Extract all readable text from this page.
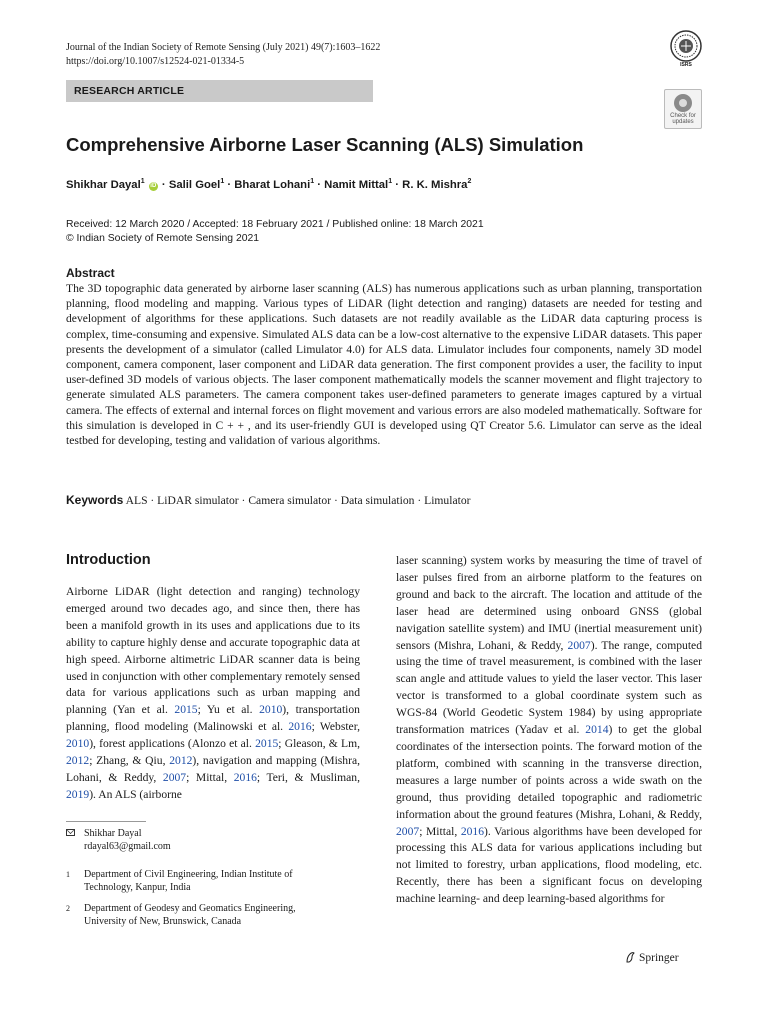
Journal of the Indian Society of Remote Sensing (July 2021) 49(7):1603–1622
https://doi.org/10.1007/s12524-021-01334-5	ISRS
RESEARCH ARTICLE
Check for
updates
Comprehensive Airborne Laser Scanning (ALS) Simulation
Shikhar Dayal$^1$ iD · Salil Goel$^1$ · Bharat Lohani$^1$ · Namit Mittal$^1$ · R. K. Mishra$^2$
Received: 12 March 2020 / Accepted: 18 February 2021 / Published online: 18 March 2021
© Indian Society of Remote Sensing 2021
Abstract

The 3D topographic data generated by airborne laser scanning (ALS) has numerous applications such as urban planning, transportation planning, flood modeling and mapping. Various types of LiDAR (light detection and ranging) datasets are needed for testing and development of algorithms for these applications. Such datasets are not readily available as the LiDAR data capturing process is complex, time-consuming and expensive. Simulated ALS data can be a low-cost alternative to the expensive LiDAR datasets. This paper presents the development of a simulator (called Limulator 4.0) for ALS data. Limulator includes four components, namely 3D model component, camera component, laser component and LiDAR data generation. The first component provides a user, the facility to input user-defined 3D models of various objects. The laser component mathematically models the scanner movement and flight trajectory to generate simulated ALS parameters. The camera component takes user-defined parameters to generate images captured by a virtual camera. The effects of external and internal forces on flight movement and various errors are also modeled mathematically. Software for this simulation is developed in C + + , and its user-friendly GUI is developed using QT Creator 5.6. Limulator can serve as the ideal testbed for developing, testing and validation of various algorithms.

Keywords ALS · LiDAR simulator · Camera simulator · Data simulation · Limulator
Introduction

Airborne LiDAR (light detection and ranging) technology emerged around two decades ago, and since then, there has been a manifold growth in its uses and applications due to its ability to capture highly dense and accurate topographic data at high speed. Airborne altimetric LiDAR scanner data is being used in conjunction with other complementary remotely sensed data for various applications such as urban mapping and planning (Yan et al. 2015; Yu et al. 2010), transportation planning, flood modeling (Malinowski et al. 2016; Webster, 2010), forest applications (Alonzo et al. 2015; Gleason, & Lm, 2012; Zhang, & Qiu, 2012), navigation and mapping (Mishra, Lohani, & Reddy, 2007; Mittal, 2016; Teri, & Musliman, 2019). An ALS (airborne

laser scanning) system works by measuring the time of travel of laser pulses fired from an airborne platform to the features on ground and back to the aircraft. The location and attitude of the laser head are determined using onboard GNSS (global navigation satellite system) and IMU (inertial measurement unit) sensors (Mishra, Lohani, & Reddy, 2007). The range, computed using the time of travel measurement, is combined with the laser scan angle and attitude values to yield the laser vector. This laser vector is transformed to a global coordinate system such as WGS-84 (World Geodetic System 1984) by using appropriate transformation matrices (Yadav et al. 2014) to get the global coordinates of the intersection points. The forward motion of the platform, combined with scanning in the transverse direction, measures a large number of points across a wide swath on the ground, thus providing detailed topographic and radiometric information about the ground features (Mishra, Lohani, & Reddy, 2007; Mittal, 2016). Various algorithms have been developed for processing this ALS data for various applications including but not limited to forestry, urban applications, flood modeling, etc. Recently, there has been a significant focus on developing machine learning- and deep learning-based algorithms for

Shikhar Dayal
rdayal63@gmail.com
1 Department of Civil Engineering, Indian Institute of
Technology, Kanpur, India
2 Department of Geodesy and Geomatics Engineering,
University of New, Brunswick, Canada
Springer
